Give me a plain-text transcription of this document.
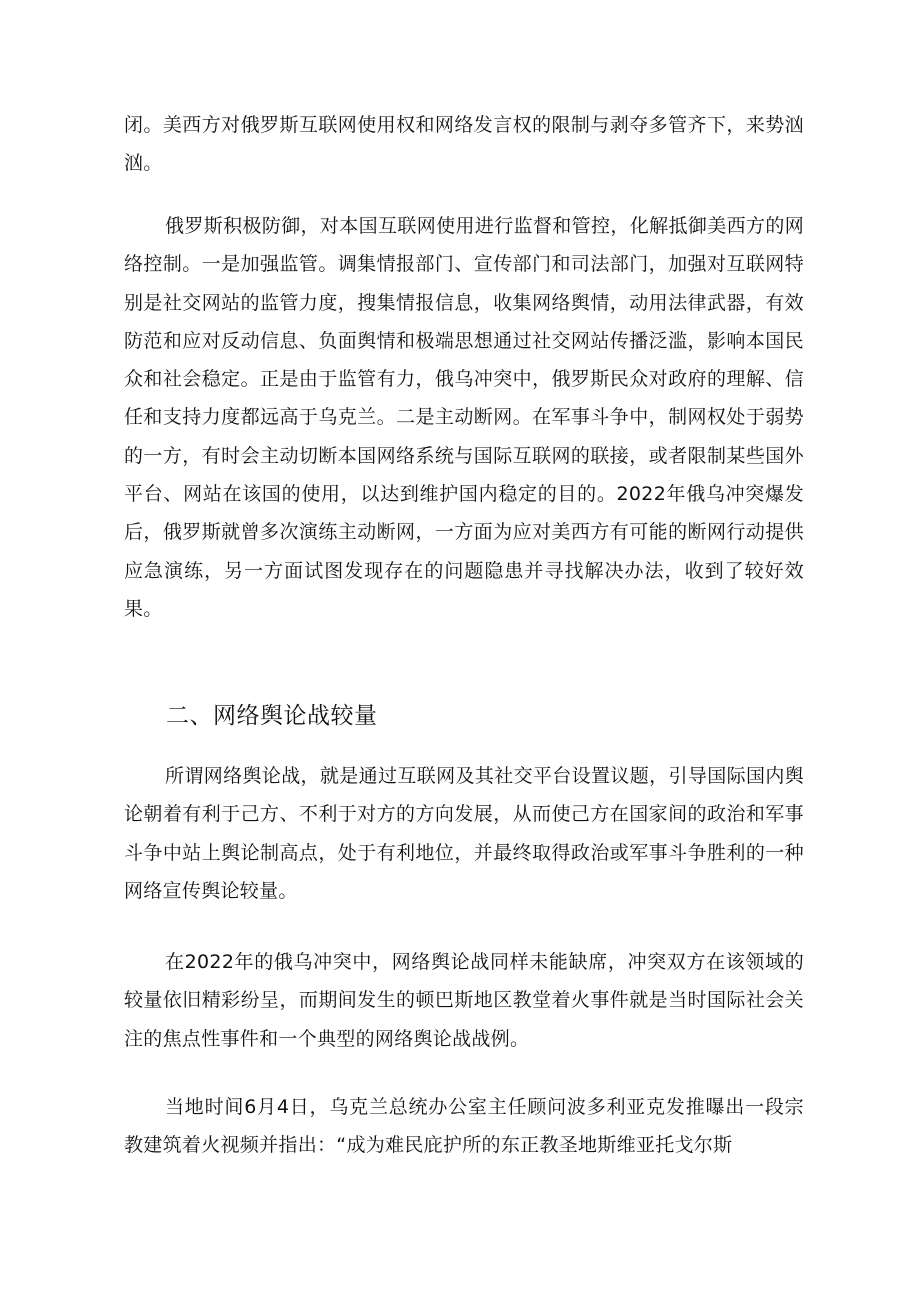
闭。美西方对俄罗斯互联网使用权和网络发言权的限制与剥夺多管齐下，来势汹汹。

俄罗斯积极防御，对本国互联网使用进行监督和管控，化解抵御美西方的网络控制。一是加强监管。调集情报部门、宣传部门和司法部门，加强对互联网特别是社交网站的监管力度，搜集情报信息，收集网络舆情，动用法律武器，有效防范和应对反动信息、负面舆情和极端思想通过社交网站传播泛滥，影响本国民众和社会稳定。正是由于监管有力，俄乌冲突中，俄罗斯民众对政府的理解、信任和支持力度都远高于乌克兰。二是主动断网。在军事斗争中，制网权处于弱势的一方，有时会主动切断本国网络系统与国际互联网的联接，或者限制某些国外平台、网站在该国的使用，以达到维护国内稳定的目的。2022年俄乌冲突爆发后，俄罗斯就曾多次演练主动断网，一方面为应对美西方有可能的断网行动提供应急演练，另一方面试图发现存在的问题隐患并寻找解决办法，收到了较好效果。

二、网络舆论战较量

所谓网络舆论战，就是通过互联网及其社交平台设置议题，引导国际国内舆论朝着有利于己方、不利于对方的方向发展，从而使己方在国家间的政治和军事斗争中站上舆论制高点，处于有利地位，并最终取得政治或军事斗争胜利的一种网络宣传舆论较量。

在2022年的俄乌冲突中，网络舆论战同样未能缺席，冲突双方在该领域的较量依旧精彩纷呈，而期间发生的顿巴斯地区教堂着火事件就是当时国际社会关注的焦点性事件和一个典型的网络舆论战战例。

当地时间6月4日，乌克兰总统办公室主任顾问波多利亚克发推曝出一段宗教建筑着火视频并指出：“成为难民庇护所的东正教圣地斯维亚托戈尔斯
